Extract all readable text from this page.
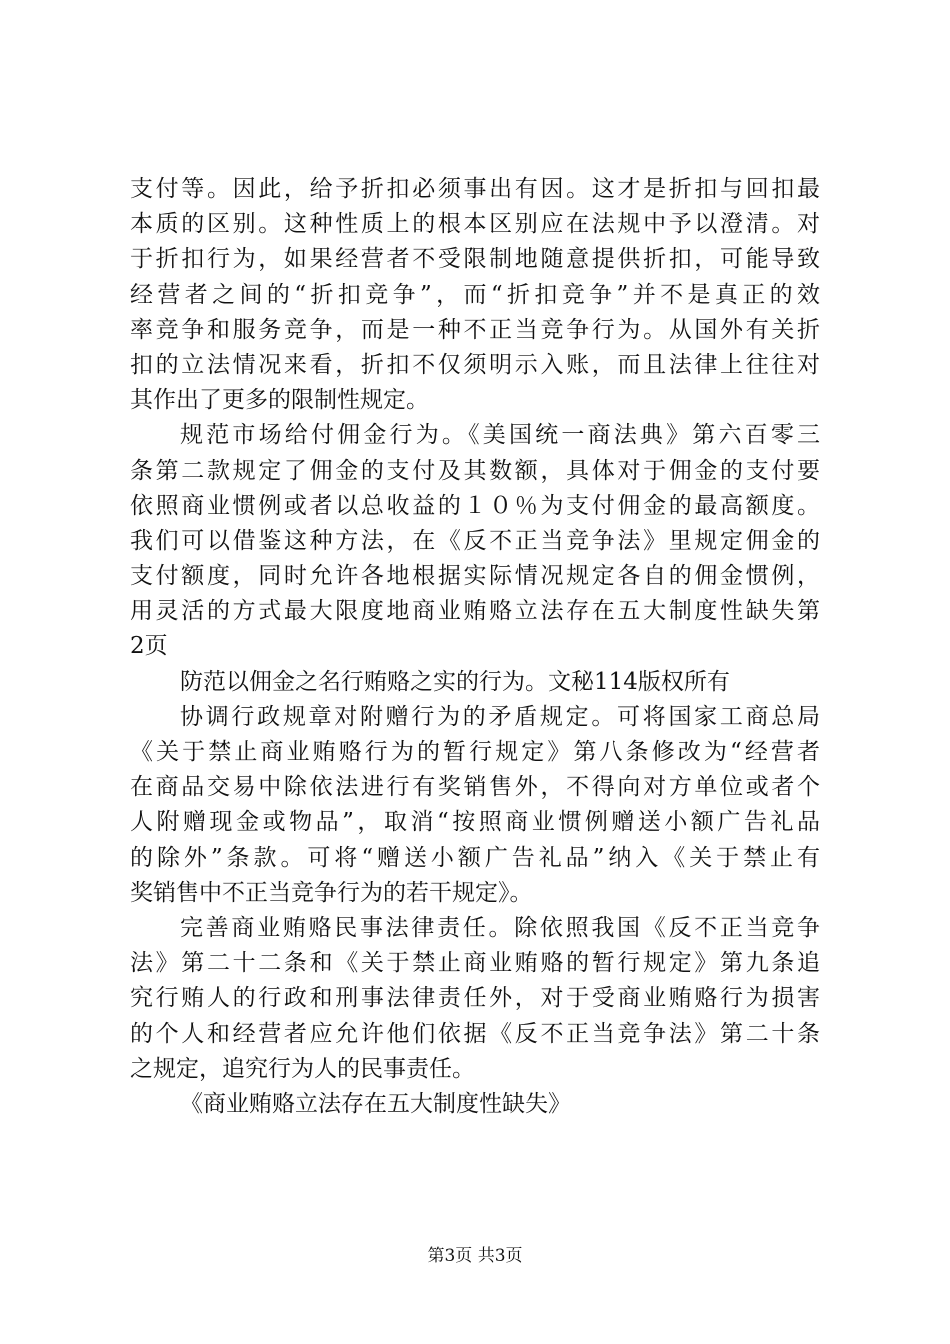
支付等。因此，给予折扣必须事出有因。这才是折扣与回扣最
本质的区别。这种性质上的根本区别应在法规中予以澄清。对
于折扣行为，如果经营者不受限制地随意提供折扣，可能导致
经营者之间的“折扣竞争”，而“折扣竞争”并不是真正的效
率竞争和服务竞争，而是一种不正当竞争行为。从国外有关折
扣的立法情况来看，折扣不仅须明示入账，而且法律上往往对
其作出了更多的限制性规定。
规范市场给付佣金行为。《美国统一商法典》第六百零三
条第二款规定了佣金的支付及其数额，具体对于佣金的支付要
依照商业惯例或者以总收益的１０％为支付佣金的最高额度。
我们可以借鉴这种方法，在《反不正当竞争法》里规定佣金的
支付额度，同时允许各地根据实际情况规定各自的佣金惯例，
用灵活的方式最大限度地商业贿赂立法存在五大制度性缺失第
2页
防范以佣金之名行贿赂之实的行为。文秘114版权所有
协调行政规章对附赠行为的矛盾规定。可将国家工商总局
《关于禁止商业贿赂行为的暂行规定》第八条修改为“经营者
在商品交易中除依法进行有奖销售外，不得向对方单位或者个
人附赠现金或物品”，取消“按照商业惯例赠送小额广告礼品
的除外”条款。可将“赠送小额广告礼品”纳入《关于禁止有
奖销售中不正当竞争行为的若干规定》。
完善商业贿赂民事法律责任。除依照我国《反不正当竞争
法》第二十二条和《关于禁止商业贿赂的暂行规定》第九条追
究行贿人的行政和刑事法律责任外，对于受商业贿赂行为损害
的个人和经营者应允许他们依据《反不正当竞争法》第二十条
之规定，追究行为人的民事责任。
《商业贿赂立法存在五大制度性缺失》
第3页 共3页
